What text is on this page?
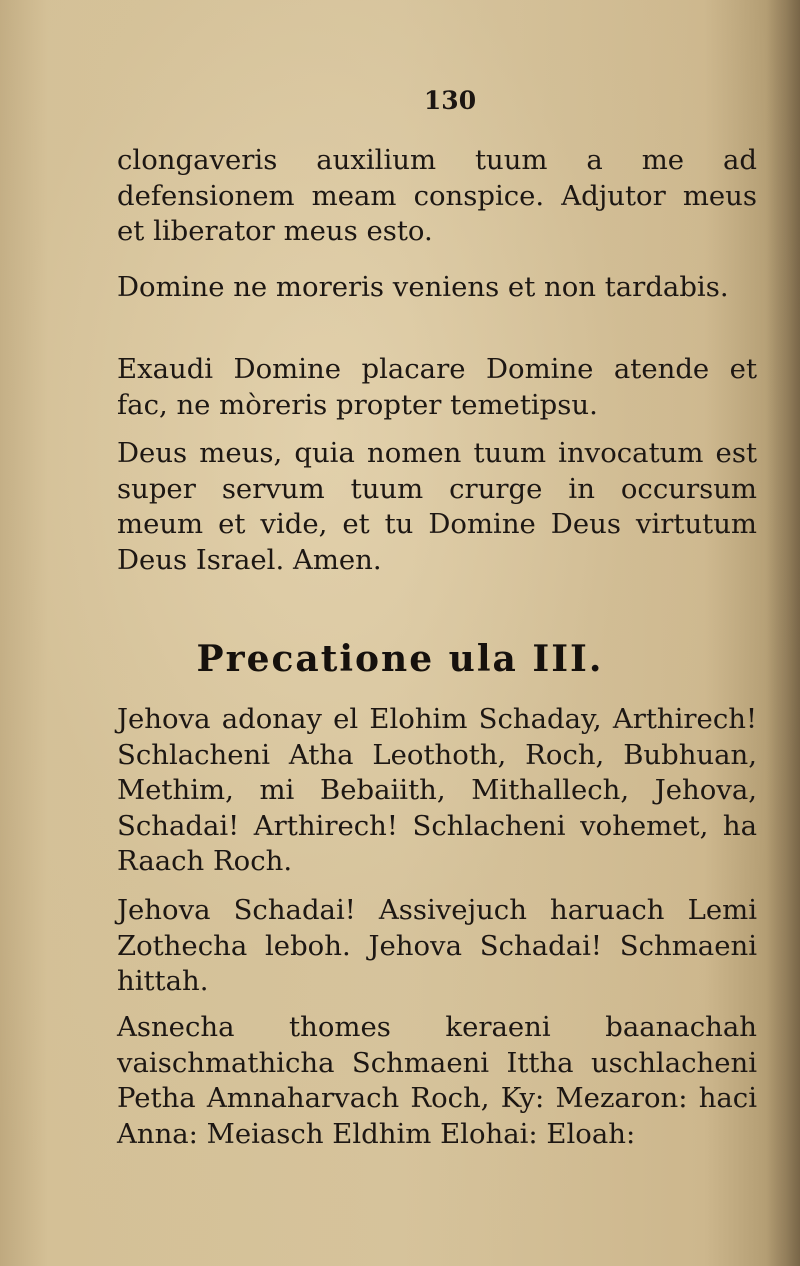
130
clongaveris auxilium tuum a me ad defensionem meam conspice. Adjutor meus et liberator meus esto.
Domine ne moreris veniens et non tardabis.
Exaudi Domine placare Domine atende et fac, ne mòreris propter temetipsu.
Deus meus, quia nomen tuum invocatum est super servum tuum crurge in occursum meum et vide, et tu Domine Deus virtutum Deus Israel. Amen.
Precatione ula III.
Jehova adonay el Elohim Schaday, Arthirech! Schlacheni Atha Leothoth, Roch, Bubhuan, Methim, mi Bebaiith, Mithallech, Jehova, Schadai! Arthirech! Schlacheni vohemet, ha Raach Roch.
Jehova Schadai! Assivejuch haruach Lemi Zothecha leboh. Jehova Schadai! Schmaeni hittah.
Asnecha thomes keraeni baanachah vaischmathicha Schmaeni Ittha uschlacheni Petha Amnaharvach Roch, Ky: Mezaron: haci Anna: Meiasch Eldhim Elohai: Eloah:
